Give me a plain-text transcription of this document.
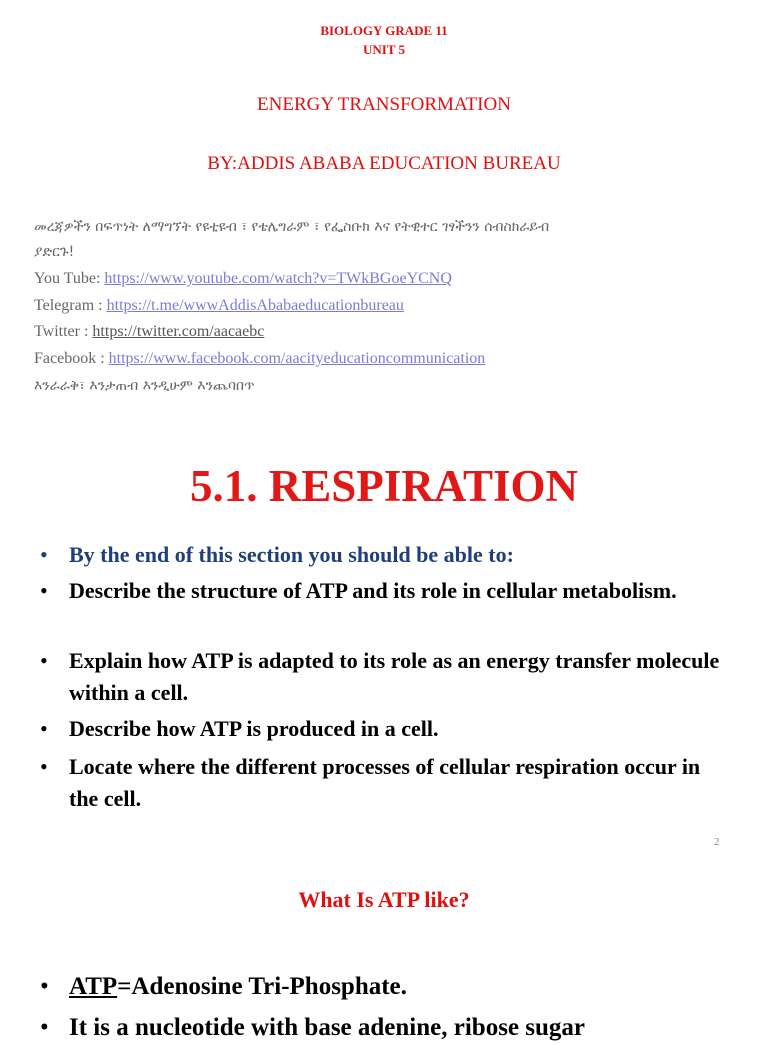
BIOLOGY GRADE 11
UNIT 5
ENERGY TRANSFORMATION
BY:ADDIS ABABA EDUCATION BUREAU
መረጃዎችን በፍጥነት ለማግኘት የዩቲዩብ ፣ የቴሌግራም ፣ የፌስቡክ እና የትዊተር ገፃችንን ሰብስክራይብ
ያድርጉ!
You Tube: https://www.youtube.com/watch?v=TWkBGoeYCNQ
Telegram : https://t.me/wwwAddisAbabaeducationbureau
Twitter : https://twitter.com/aacaebc
Facebook : https://www.facebook.com/aacityeducationcommunication
እንራራቅ፣ እንታጠብ እንዲሁም እንጨባበጥ
5.1. RESPIRATION
• By the end of this section you should be able to:
• Describe the structure of ATP and its role in cellular metabolism.
• Explain how ATP is adapted to its role as an energy transfer molecule within a cell.
• Describe how ATP is produced in a cell.
• Locate where the different processes of cellular respiration occur in the cell.
2
What Is ATP like?
• ATP=Adenosine Tri-Phosphate.
• It is a nucleotide with base adenine, ribose sugar
